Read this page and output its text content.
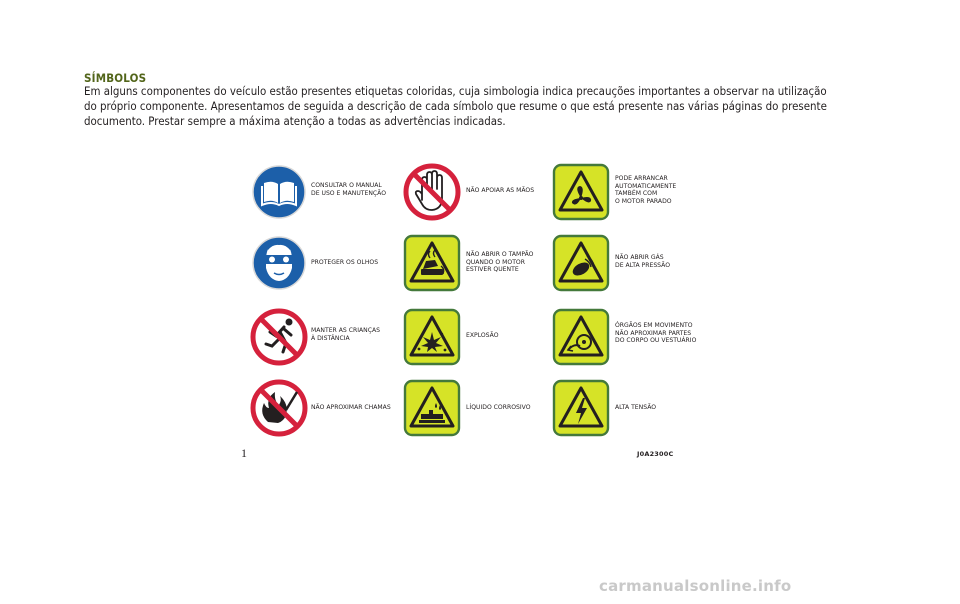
SÍMBOLOS

Em alguns componentes do veículo estão presentes etiquetas coloridas, cuja simbologia indica precauções importantes a observar na utilização
do próprio componente. Apresentamos de seguida a descrição de cada símbolo que resume o que está presente nas várias páginas do presente
documento. Prestar sempre a máxima atenção a todas as advertências indicadas.

CONSULTAR O MANUAL
DE USO E MANUTENÇÃO
PROTEGER OS OLHOS
MANTER AS CRIANÇAS
À DISTÂNCIA
NÃO APROXIMAR CHAMAS
NÃO APOIAR AS MÃOS
NÃO ABRIR O TAMPÃO
QUANDO O MOTOR
ESTIVER QUENTE
EXPLOSÃO
LÍQUIDO CORROSIVO
PODE ARRANCAR
AUTOMATICAMENTE
TAMBÉM COM
O MOTOR PARADO
NÃO ABRIR GÁS
DE ALTA PRESSÃO
ÓRGÃOS EM MOVIMENTO
NÃO APROXIMAR PARTES
DO CORPO OU VESTUÁRIO
ALTA TENSÃO
1	J0A2300C
carmanualsonline.info
